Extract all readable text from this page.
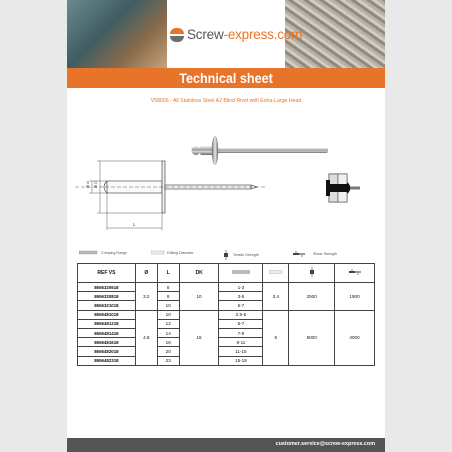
Screw-express.com
Technical sheet
V58656 - All Stainless Steel A2 Blind Rivet with Extra-Large Head
Ø d Ø D
L
Crimping Range	Drilling Diameter
Tensile Strength	Shear Strength
REF VS	Ø	L	DK				
8656320618	3.2	6	10	1-3	3.4	2500	1900
8656320818		8		3-5			
8656321018		10		5-7			
8656481018	4.8	10	16	2.5-5	5	5000	4000
8656481218		12		5-7			
8656481418		14		7-9			
8656481618		16		9-11			
8656482018		20		11-15			
8656482318		23		15-18			
customer.service@screw-express.com
